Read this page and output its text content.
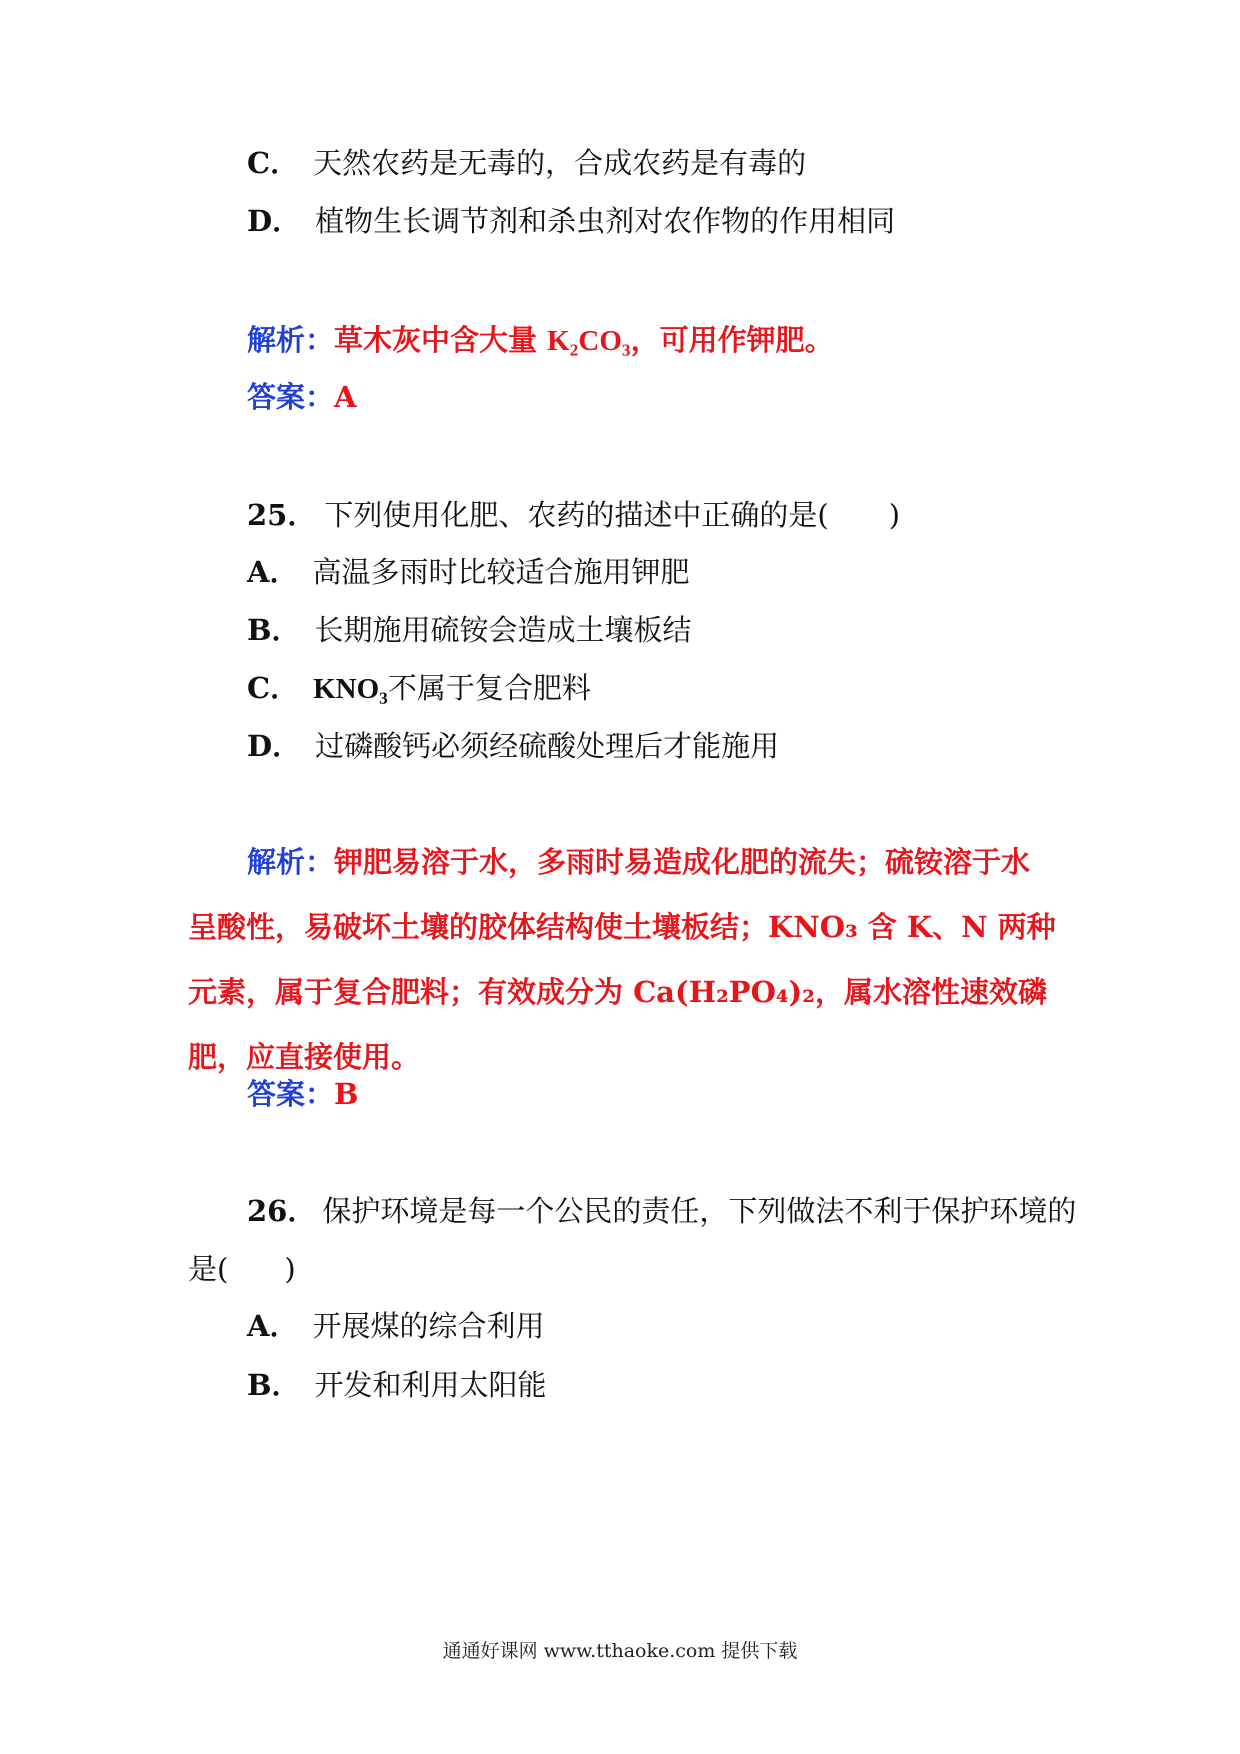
C． 天然农药是无毒的，合成农药是有毒的
D． 植物生长调节剂和杀虫剂对农作物的作用相同
解析：草木灰中含大量 K₂CO₃，可用作钾肥。
答案：A
25． 下列使用化肥、农药的描述中正确的是( )
A． 高温多雨时比较适合施用钾肥
B． 长期施用硫铵会造成土壤板结
C． KNO₃不属于复合肥料
D． 过磷酸钙必须经硫酸处理后才能施用
解析：钾肥易溶于水，多雨时易造成化肥的流失；硫铵溶于水呈酸性，易破坏土壤的胶体结构使土壤板结；KNO₃ 含 K、N 两种元素，属于复合肥料；有效成分为 Ca(H₂PO₄)₂，属水溶性速效磷肥，应直接使用。
答案：B
26． 保护环境是每一个公民的责任，下列做法不利于保护环境的
是( )
A． 开展煤的综合利用
B． 开发和利用太阳能
通通好课网 www.tthaoke.com 提供下载
